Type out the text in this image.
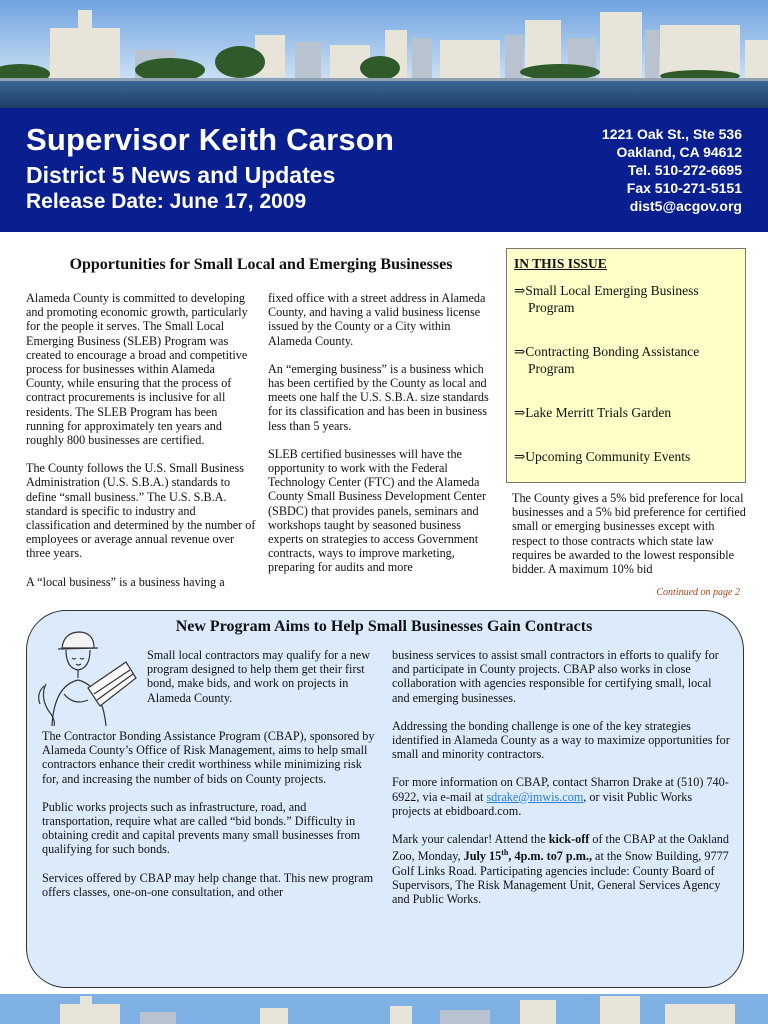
Supervisor Keith Carson
District 5 News and Updates
Release Date: June 17, 2009
1221 Oak St., Ste 536
Oakland, CA 94612
Tel. 510-272-6695
Fax 510-271-5151
dist5@acgov.org
Opportunities for Small Local and Emerging Businesses

Alameda County is committed to developing and promoting economic growth, particularly for the people it serves. The Small Local Emerging Business (SLEB) Program was created to encourage a broad and competitive process for businesses within Alameda County, while ensuring that the process of contract procurements is inclusive for all residents. The SLEB Program has been running for approximately ten years and roughly 800 businesses are certified.

The County follows the U.S. Small Business Administration (U.S. S.B.A.) standards to define “small business.” The U.S. S.B.A. standard is specific to industry and classification and determined by the number of employees or average annual revenue over three years.

A “local business” is a business having a

fixed office with a street address in Alameda County, and having a valid business license issued by the County or a City within Alameda County.

An “emerging business” is a business which has been certified by the County as local and meets one half the U.S. S.B.A. size standards for its classification and has been in business less than 5 years.

SLEB certified businesses will have the opportunity to work with the Federal Technology Center (FTC) and the Alameda County Small Business Development Center (SBDC) that provides panels, seminars and workshops taught by seasoned business experts on strategies to access Government contracts, ways to improve marketing, preparing for audits and more

IN THIS ISSUE
⇒Small Local Emerging Business Program
⇒Contracting Bonding Assistance Program
⇒Lake Merritt Trials Garden
⇒Upcoming Community Events

The County gives a 5% bid preference for local businesses and a 5% bid preference for certified small or emerging businesses except with respect to those contracts which state law requires be awarded to the lowest responsible bidder. A maximum 10% bid

Continued on page 2
New Program Aims to Help Small Businesses Gain Contracts

Small local contractors may qualify for a new program designed to help them get their first bond, make bids, and work on projects in Alameda County.

The Contractor Bonding Assistance Program (CBAP), sponsored by Alameda County’s Office of Risk Management, aims to help small contractors enhance their credit worthiness while minimizing risk for, and increasing the number of bids on County projects.

Public works projects such as infrastructure, road, and transportation, require what are called “bid bonds.” Difficulty in obtaining credit and capital prevents many small businesses from qualifying for such bonds.

Services offered by CBAP may help change that. This new program offers classes, one-on-one consultation, and other

business services to assist small contractors in efforts to qualify for and participate in County projects. CBAP also works in close collaboration with agencies responsible for certifying small, local and emerging businesses.

Addressing the bonding challenge is one of the key strategies identified in Alameda County as a way to maximize opportunities for small and minority contractors.

For more information on CBAP, contact Sharron Drake at (510) 740-6922, via e-mail at sdrake@imwis.com, or visit Public Works projects at ebidboard.com.

Mark your calendar! Attend the kick-off of the CBAP at the Oakland Zoo, Monday, July 15th, 4p.m. to7 p.m., at the Snow Building, 9777 Golf Links Road. Participating agencies include: County Board of Supervisors, The Risk Management Unit, General Services Agency and Public Works.
